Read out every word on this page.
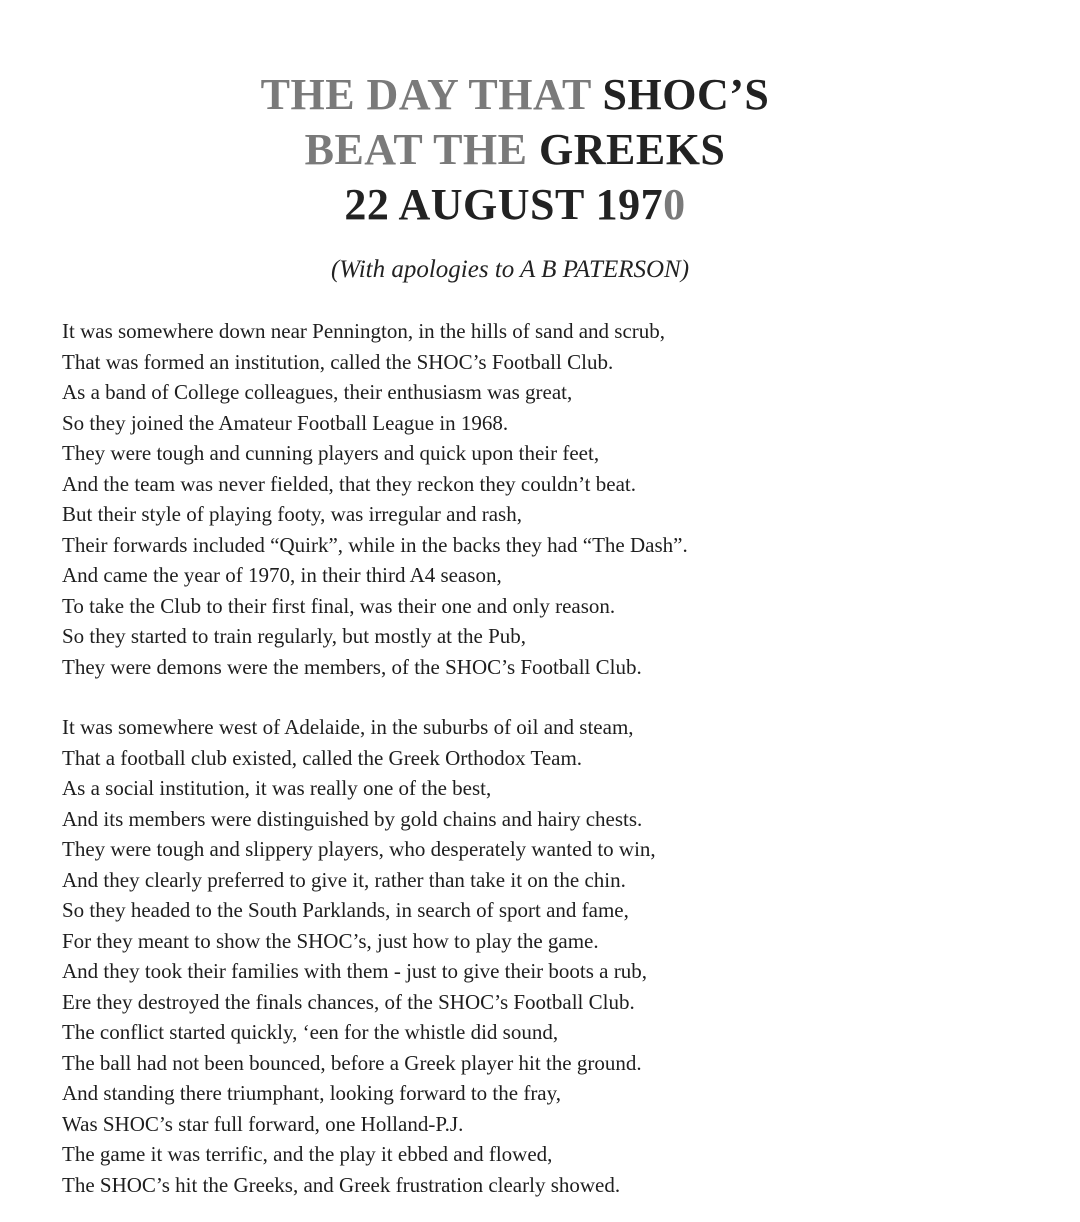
THE DAY THAT SHOC’S
BEAT THE GREEKS
22 AUGUST 1970
(With apologies to A B PATERSON)
It was somewhere down near Pennington, in the hills of sand and scrub,
That was formed an institution, called the SHOC’s Football Club.
As a band of College colleagues, their enthusiasm was great,
So they joined the Amateur Football League in 1968.
They were tough and cunning players and quick upon their feet,
And the team was never fielded, that they reckon they couldn’t beat.
But their style of playing footy, was irregular and rash,
Their forwards included “Quirk”, while in the backs they had “The Dash”.
And came the year of 1970, in their third A4 season,
To take the Club to their first final, was their one and only reason.
So they started to train regularly, but mostly at the Pub,
They were demons were the members, of the SHOC’s Football Club.
It was somewhere west of Adelaide, in the suburbs of oil and steam,
That a football club existed, called the Greek Orthodox Team.
As a social institution, it was really one of the best,
And its members were distinguished by gold chains and hairy chests.
They were tough and slippery players, who desperately wanted to win,
And they clearly preferred to give it, rather than take it on the chin.
So they headed to the South Parklands, in search of sport and fame,
For they meant to show the SHOC’s, just how to play the game.
And they took their families with them - just to give their boots a rub,
Ere they destroyed the finals chances, of the SHOC’s Football Club.
The conflict started quickly, ‘een for the whistle did sound,
The ball had not been bounced, before a Greek player hit the ground.
And standing there triumphant, looking forward to the fray,
Was SHOC’s star full forward, one Holland-P.J.
The game it was terrific, and the play it ebbed and flowed,
The SHOC’s hit the Greeks, and Greek frustration clearly showed.
